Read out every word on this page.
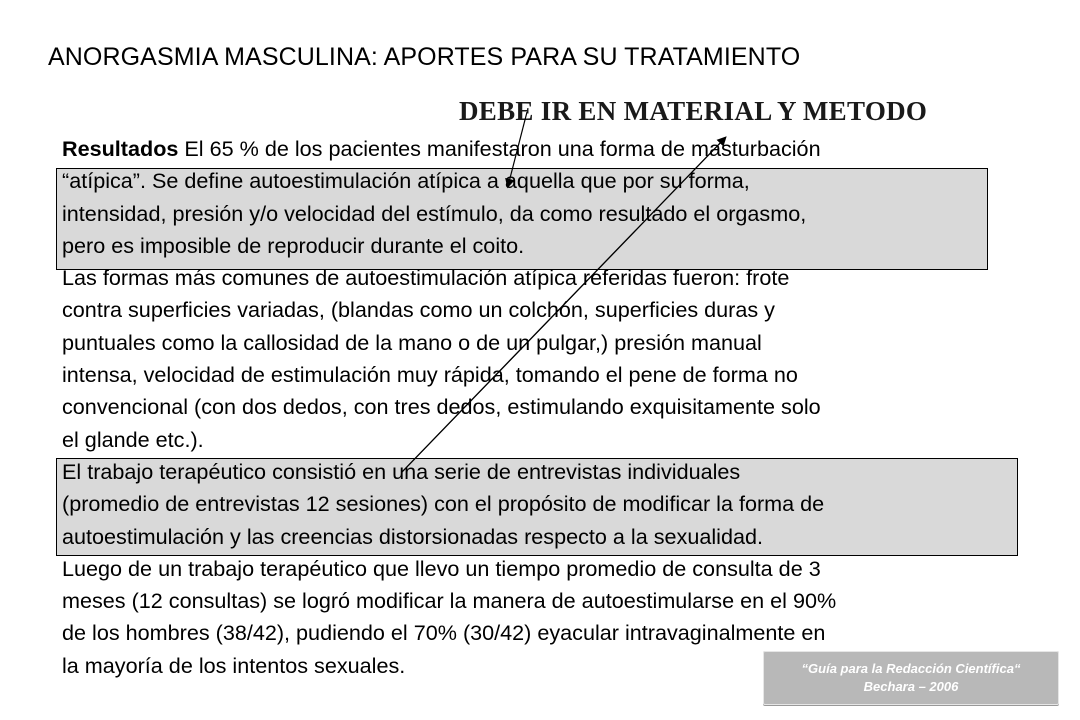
ANORGASMIA MASCULINA: APORTES PARA SU TRATAMIENTO
DEBE IR EN MATERIAL Y METODO
Resultados El 65 % de los pacientes manifestaron una forma de masturbación
“atípica”. Se define autoestimulación atípica a aquella que por su forma,
intensidad, presión y/o velocidad del estímulo, da como resultado el orgasmo,
pero es imposible de reproducir durante el coito.
Las formas más comunes de autoestimulación atípica referidas fueron: frote
contra superficies variadas, (blandas como un colchón, superficies duras y
puntuales como la callosidad de la mano o de un pulgar,) presión manual
intensa, velocidad de estimulación muy rápida, tomando el pene de forma no
convencional (con dos dedos, con tres dedos, estimulando exquisitamente solo
el glande etc.).
El trabajo terapéutico consistió en una serie de entrevistas individuales
(promedio de entrevistas 12 sesiones) con el propósito de modificar la forma de
autoestimulación y las creencias distorsionadas respecto a la sexualidad.
Luego de un trabajo terapéutico que llevo un tiempo promedio de consulta de 3
meses (12 consultas) se logró modificar la manera de autoestimularse en el 90%
de los hombres (38/42), pudiendo el 70% (30/42) eyacular intravaginalmente en
la mayoría de los intentos sexuales.	“Guía para la Redacción Científica“
Bechara – 2006
